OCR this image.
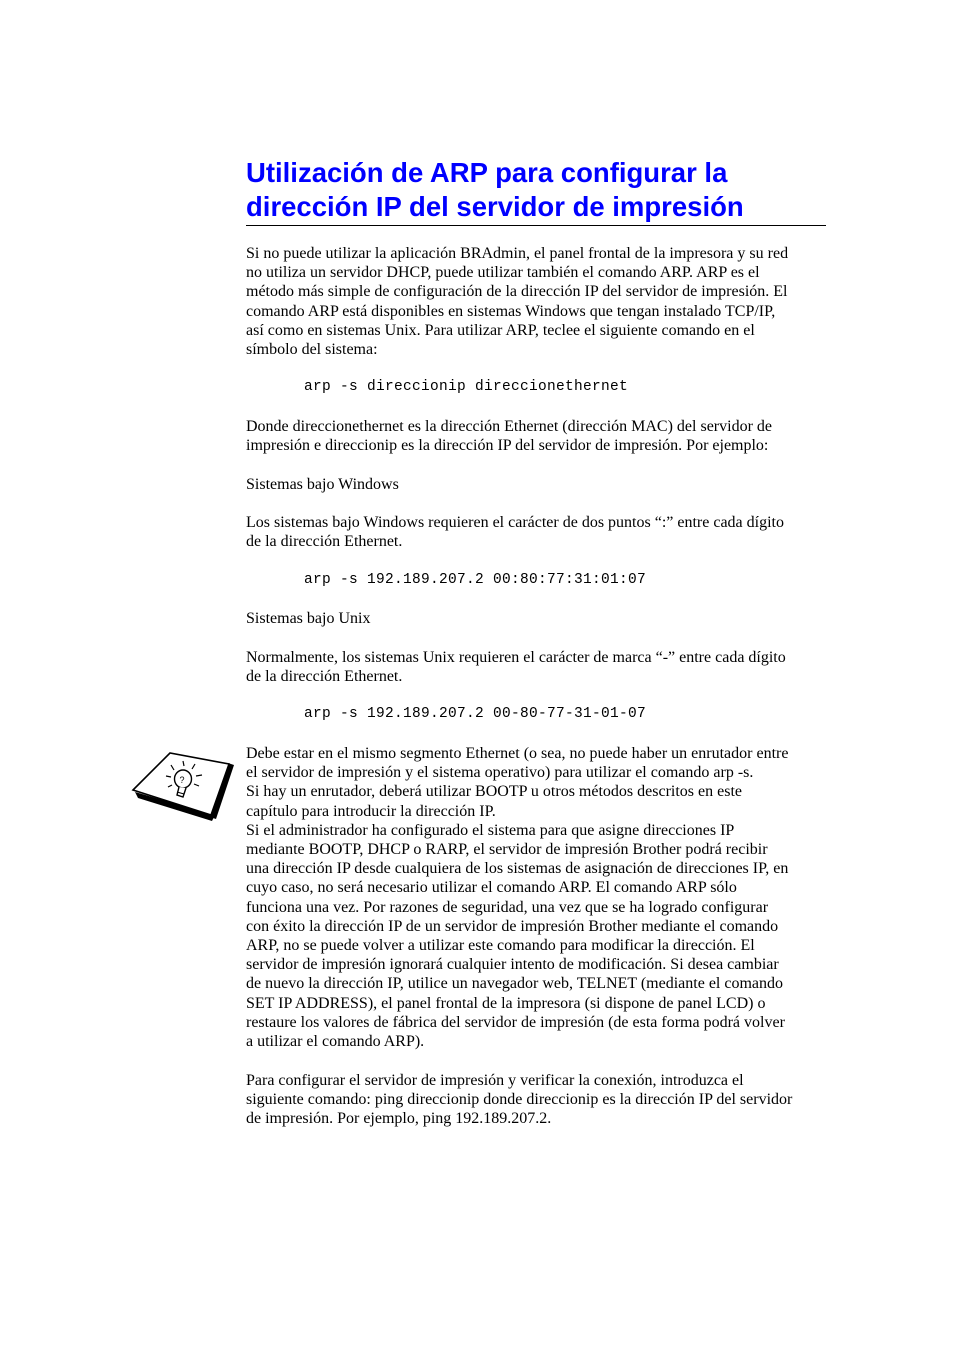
Utilización de ARP para configurar la
dirección IP del servidor de impresión

Si no puede utilizar la aplicación BRAdmin, el panel frontal de la impresora y su red
no utiliza un servidor DHCP, puede utilizar también el comando ARP. ARP es el
método más simple de configuración de la dirección IP del servidor de impresión. El
comando ARP está disponibles en sistemas Windows que tengan instalado TCP/IP,
así como en sistemas Unix. Para utilizar ARP, teclee el siguiente comando en el
símbolo del sistema:

arp -s direccionip direccionethernet

Donde direccionethernet es la dirección Ethernet (dirección MAC) del servidor de
impresión e direccionip es la dirección IP del servidor de impresión. Por ejemplo:

Sistemas bajo Windows

Los sistemas bajo Windows requieren el carácter de dos puntos “:” entre cada dígito
de la dirección Ethernet.

arp -s 192.189.207.2 00:80:77:31:01:07

Sistemas bajo Unix

Normalmente, los sistemas Unix requieren el carácter de marca “-” entre cada dígito
de la dirección Ethernet.

arp -s 192.189.207.2 00-80-77-31-01-07
?

Debe estar en el mismo segmento Ethernet (o sea, no puede haber un enrutador entre
el servidor de impresión y el sistema operativo) para utilizar el comando arp -s.
Si hay un enrutador, deberá utilizar BOOTP u otros métodos descritos en este
capítulo para introducir la dirección IP.
Si el administrador ha configurado el sistema para que asigne direcciones IP
mediante BOOTP, DHCP o RARP, el servidor de impresión Brother podrá recibir
una dirección IP desde cualquiera de los sistemas de asignación de direcciones IP, en
cuyo caso, no será necesario utilizar el comando ARP. El comando ARP sólo
funciona una vez. Por razones de seguridad, una vez que se ha logrado configurar
con éxito la dirección IP de un servidor de impresión Brother mediante el comando
ARP, no se puede volver a utilizar este comando para modificar la dirección. El
servidor de impresión ignorará cualquier intento de modificación. Si desea cambiar
de nuevo la dirección IP, utilice un navegador web, TELNET (mediante el comando
SET IP ADDRESS), el panel frontal de la impresora (si dispone de panel LCD) o
restaure los valores de fábrica del servidor de impresión (de esta forma podrá volver
a utilizar el comando ARP).

Para configurar el servidor de impresión y verificar la conexión, introduzca el
siguiente comando: ping direccionip donde direccionip es la dirección IP del servidor
de impresión. Por ejemplo, ping 192.189.207.2.
